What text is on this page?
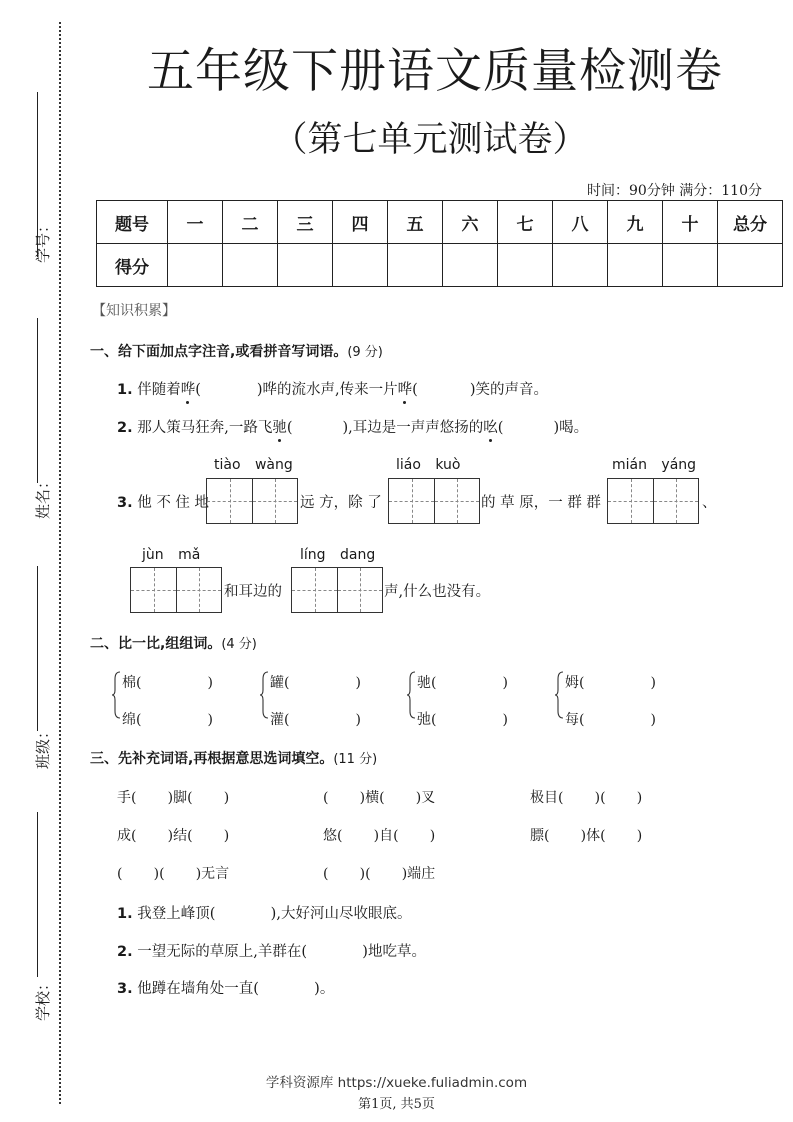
学号：
姓名：
班级：
学校：
五年级下册语文质量检测卷
（第七单元测试卷）
时间：90分钟 满分：110分
题号	一	二	三	四	五	六	七	八	九	十	总分
得分											
【知识积累】
一、给下面加点字注音,或看拼音写词语。(9 分)
1. 伴随着哗(	)哗的流水声,传来一片哗(	)笑的声音。
2. 那人策马狂奔,一路飞驰(	),耳边是一声声悠扬的吆(	)喝。
tiào wàng	liáo kuò	mián yáng
3. 他 不 住 地	远 方，除 了	的 草 原，一 群 群	、
jùn mǎ	líng dang
和耳边的	声,什么也没有。
二、比一比,组组词。(4 分)
棉(	)
绵(	)
罐(	)
灌(	)
驰(	)
弛(	)
姆(	)
每(	)
三、先补充词语,再根据意思选词填空。(11 分)
手(       )脚(       )	(       )横(       )叉	极目(       )(       )
成(       )结(       )	悠(       )自(       )	膘(       )体(       )
(       )(       )无言	(       )(       )端庄
1. 我登上峰顶(            ),大好河山尽收眼底。
2. 一望无际的草原上,羊群在(            )地吃草。
3. 他蹲在墙角处一直(            )。
学科资源库 https://xueke.fuliadmin.com
第1页, 共5页
